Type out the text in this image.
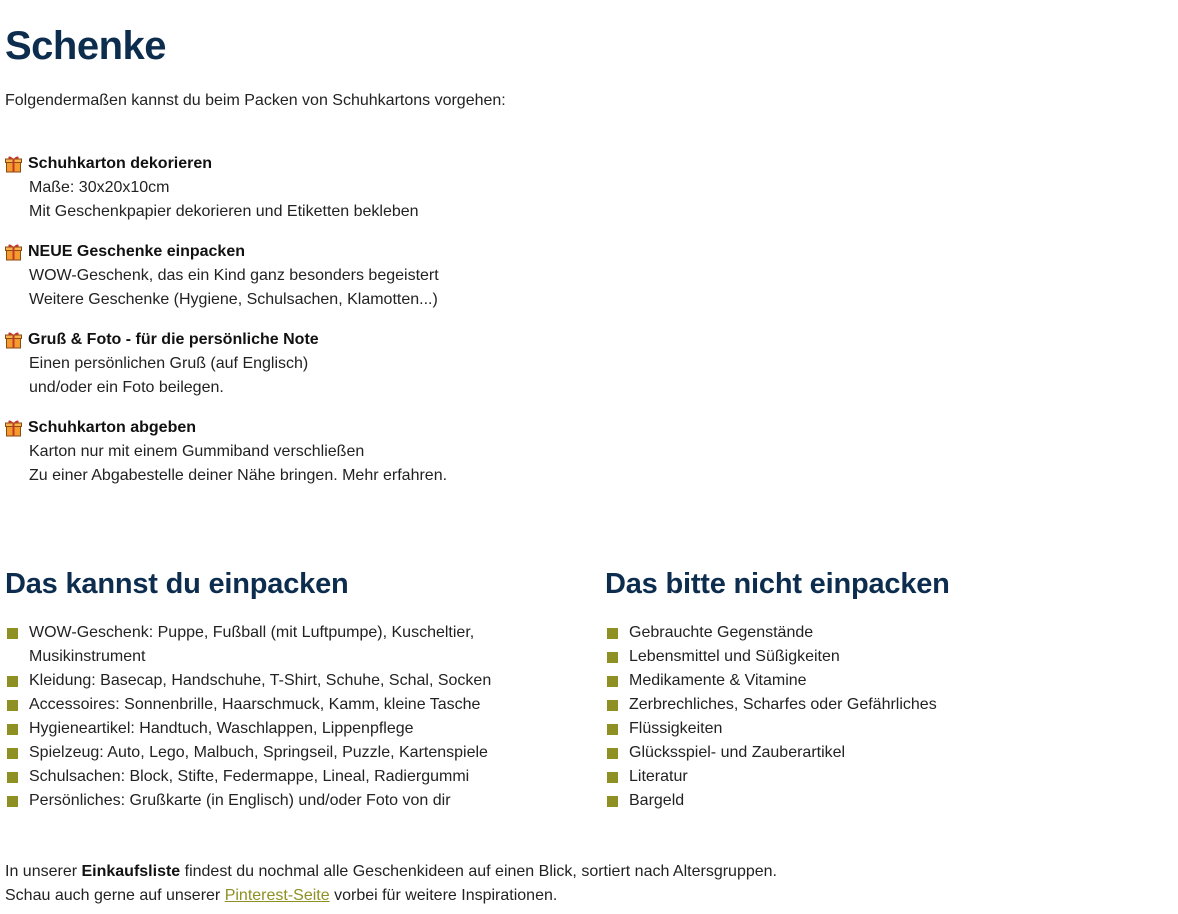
Schenke
Folgendermaßen kannst du beim Packen von Schuhkartons vorgehen:
Schuhkarton dekorieren
Maße: 30x20x10cm
Mit Geschenkpapier dekorieren und Etiketten bekleben
NEUE Geschenke einpacken
WOW-Geschenk, das ein Kind ganz besonders begeistert
Weitere Geschenke (Hygiene, Schulsachen, Klamotten...)
Gruß & Foto - für die persönliche Note
Einen persönlichen Gruß (auf Englisch)
und/oder ein Foto beilegen.
Schuhkarton abgeben
Karton nur mit einem Gummiband verschließen
Zu einer Abgabestelle deiner Nähe bringen. Mehr erfahren.
Das kannst du einpacken
WOW-Geschenk: Puppe, Fußball (mit Luftpumpe), Kuscheltier,
Musikinstrument
Kleidung: Basecap, Handschuhe, T-Shirt, Schuhe, Schal, Socken
Accessoires: Sonnenbrille, Haarschmuck, Kamm, kleine Tasche
Hygieneartikel: Handtuch, Waschlappen, Lippenpflege
Spielzeug: Auto, Lego, Malbuch, Springseil, Puzzle, Kartenspiele
Schulsachen: Block, Stifte, Federmappe, Lineal, Radiergummi
Persönliches: Grußkarte (in Englisch) und/oder Foto von dir
Das bitte nicht einpacken
Gebrauchte Gegenstände
Lebensmittel und Süßigkeiten
Medikamente & Vitamine
Zerbrechliches, Scharfes oder Gefährliches
Flüssigkeiten
Glücksspiel- und Zauberartikel
Literatur
Bargeld
In unserer Einkaufsliste findest du nochmal alle Geschenkideen auf einen Blick, sortiert nach Altersgruppen.
Schau auch gerne auf unserer Pinterest-Seite vorbei für weitere Inspirationen.
